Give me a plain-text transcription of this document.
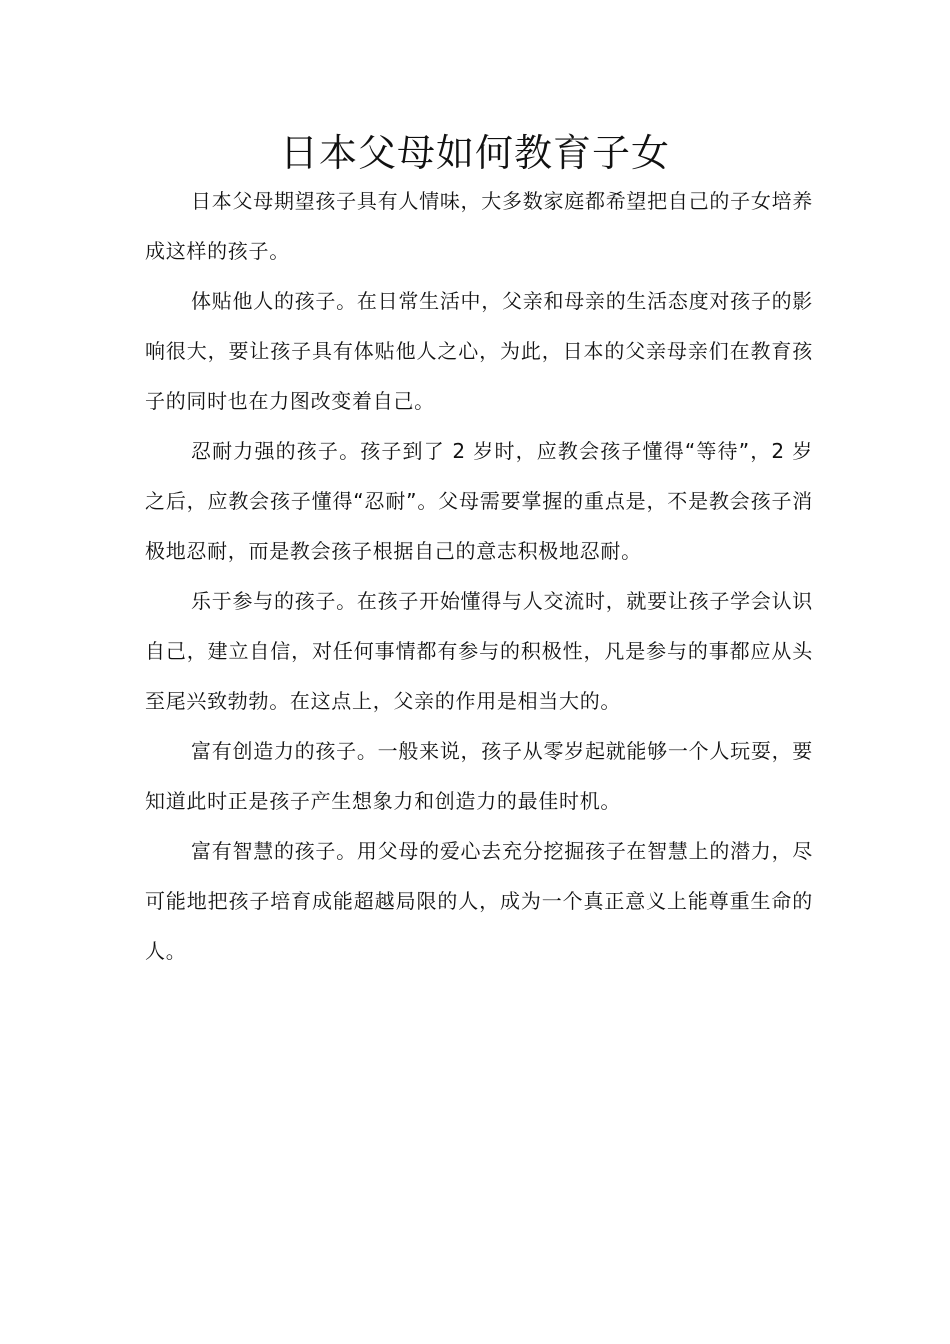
日本父母如何教育子女

日本父母期望孩子具有人情味，大多数家庭都希望把自己的子女培养成这样的孩子。

体贴他人的孩子。在日常生活中，父亲和母亲的生活态度对孩子的影响很大，要让孩子具有体贴他人之心，为此，日本的父亲母亲们在教育孩子的同时也在力图改变着自己。

忍耐力强的孩子。孩子到了 2 岁时，应教会孩子懂得“等待”，2 岁之后，应教会孩子懂得“忍耐”。父母需要掌握的重点是，不是教会孩子消极地忍耐，而是教会孩子根据自己的意志积极地忍耐。

乐于参与的孩子。在孩子开始懂得与人交流时，就要让孩子学会认识自己，建立自信，对任何事情都有参与的积极性，凡是参与的事都应从头至尾兴致勃勃。在这点上，父亲的作用是相当大的。

富有创造力的孩子。一般来说，孩子从零岁起就能够一个人玩耍，要知道此时正是孩子产生想象力和创造力的最佳时机。

富有智慧的孩子。用父母的爱心去充分挖掘孩子在智慧上的潜力，尽可能地把孩子培育成能超越局限的人，成为一个真正意义上能尊重生命的人。
